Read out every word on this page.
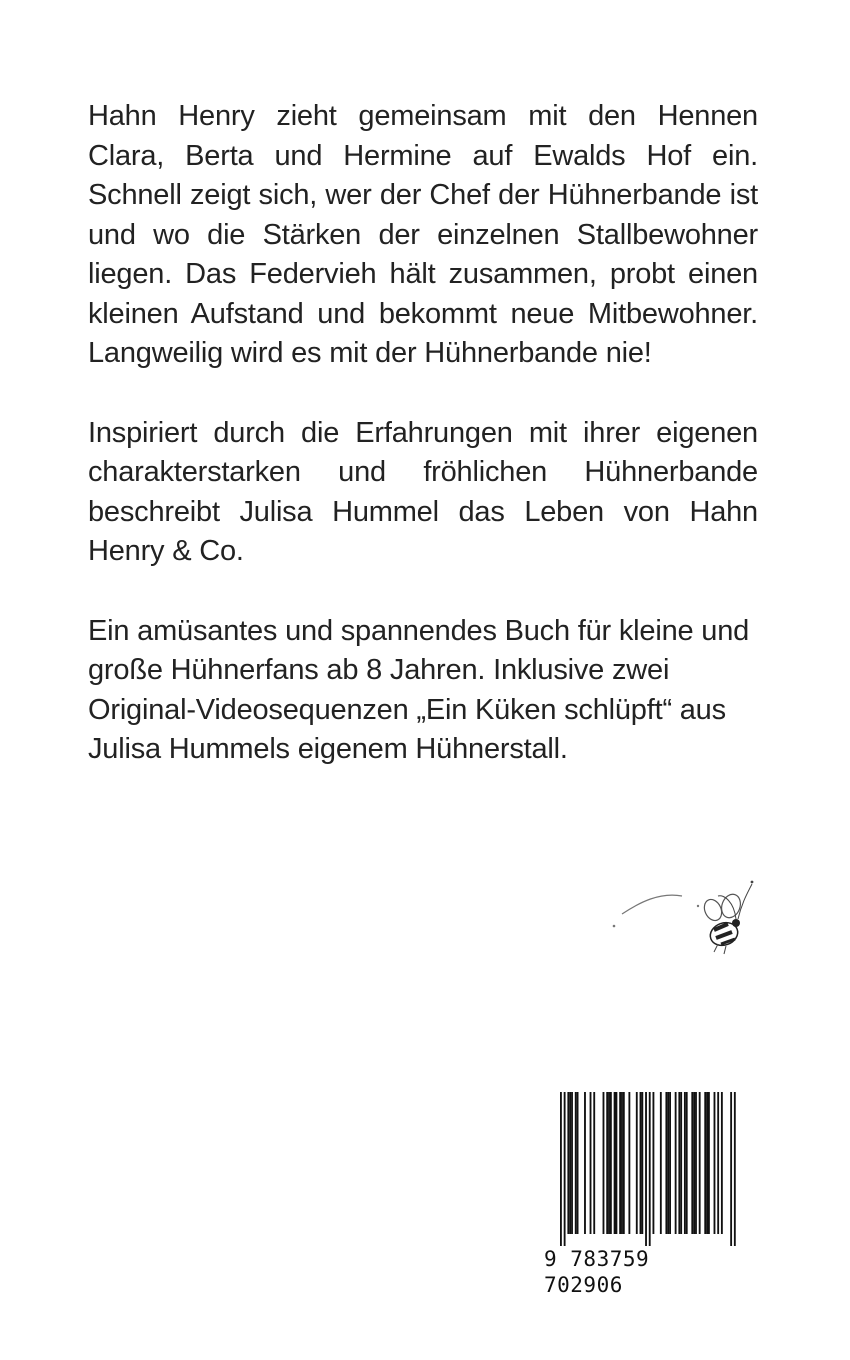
Hahn Henry zieht gemeinsam mit den Hennen Clara, Berta und Hermine auf Ewalds Hof ein. Schnell zeigt sich, wer der Chef der Hühnerbande ist und wo die Stärken der einzelnen Stallbewohner liegen. Das Federvieh hält zusammen, probt einen kleinen Aufstand und bekommt neue Mitbewohner. Langweilig wird es mit der Hühnerbande nie!

Inspiriert durch die Erfahrungen mit ihrer eigenen charakterstarken und fröhlichen Hühnerbande beschreibt Julisa Hummel das Leben von Hahn Henry & Co.

Ein amüsantes und spannendes Buch für kleine und große Hühnerfans ab 8 Jahren. Inklusive zwei Original-Videosequenzen „Ein Küken schlüpft“ aus Julisa Hummels eigenem Hühnerstall.

9 783759 702906
